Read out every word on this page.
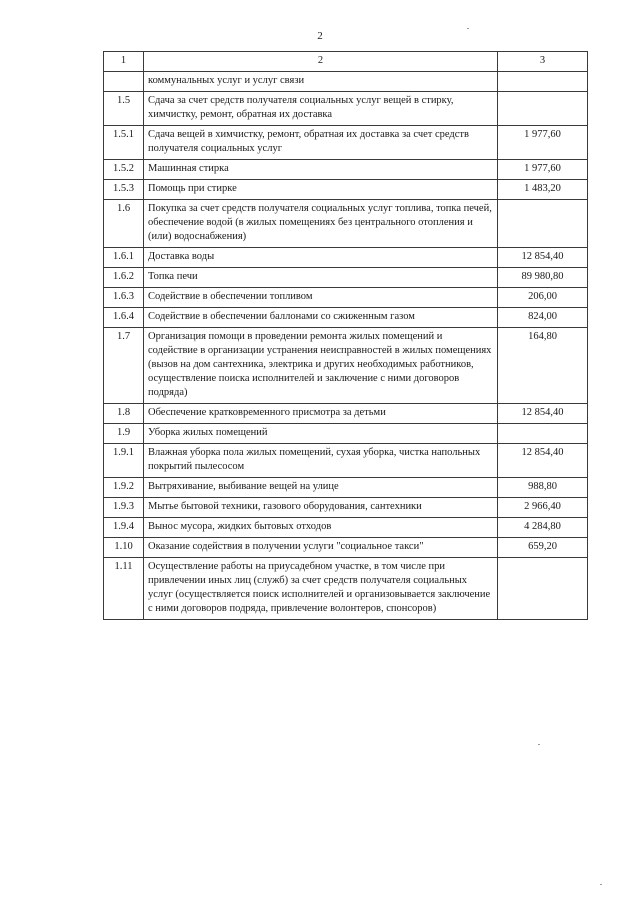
2
1	2	3
	коммунальных услуг и услуг связи	
1.5	Сдача за счет средств получателя социальных услуг вещей в стирку, химчистку, ремонт, обратная их доставка	
1.5.1	Сдача вещей в химчистку, ремонт, обратная их доставка за счет средств получателя социальных услуг	1 977,60
1.5.2	Машинная стирка	1 977,60
1.5.3	Помощь при стирке	1 483,20
1.6	Покупка за счет средств получателя социальных услуг топлива, топка печей, обеспечение водой (в жилых помещениях без центрального отопления и (или) водоснабжения)	
1.6.1	Доставка воды	12 854,40
1.6.2	Топка печи	89 980,80
1.6.3	Содействие в обеспечении топливом	206,00
1.6.4	Содействие в обеспечении баллонами со сжиженным газом	824,00
1.7	Организация помощи в проведении ремонта жилых помещений и содействие в организации устранения неисправностей в жилых помещениях (вызов на дом сантехника, электрика и других необходимых работников, осуществление поиска исполнителей и заключение с ними договоров подряда)	164,80
1.8	Обеспечение кратковременного присмотра за детьми	12 854,40
1.9	Уборка жилых помещений	
1.9.1	Влажная уборка пола жилых помещений, сухая уборка, чистка напольных покрытий пылесосом	12 854,40
1.9.2	Вытряхивание, выбивание вещей на улице	988,80
1.9.3	Мытье бытовой техники, газового оборудования, сантехники	2 966,40
1.9.4	Вынос мусора, жидких бытовых отходов	4 284,80
1.10	Оказание содействия в получении услуги "социальное такси"	659,20
1.11	Осуществление работы на приусадебном участке, в том числе при привлечении иных лиц (служб) за счет средств получателя социальных услуг (осуществляется поиск исполнителей и организовывается заключение с ними договоров подряда, привлечение волонтеров, спонсоров)	
